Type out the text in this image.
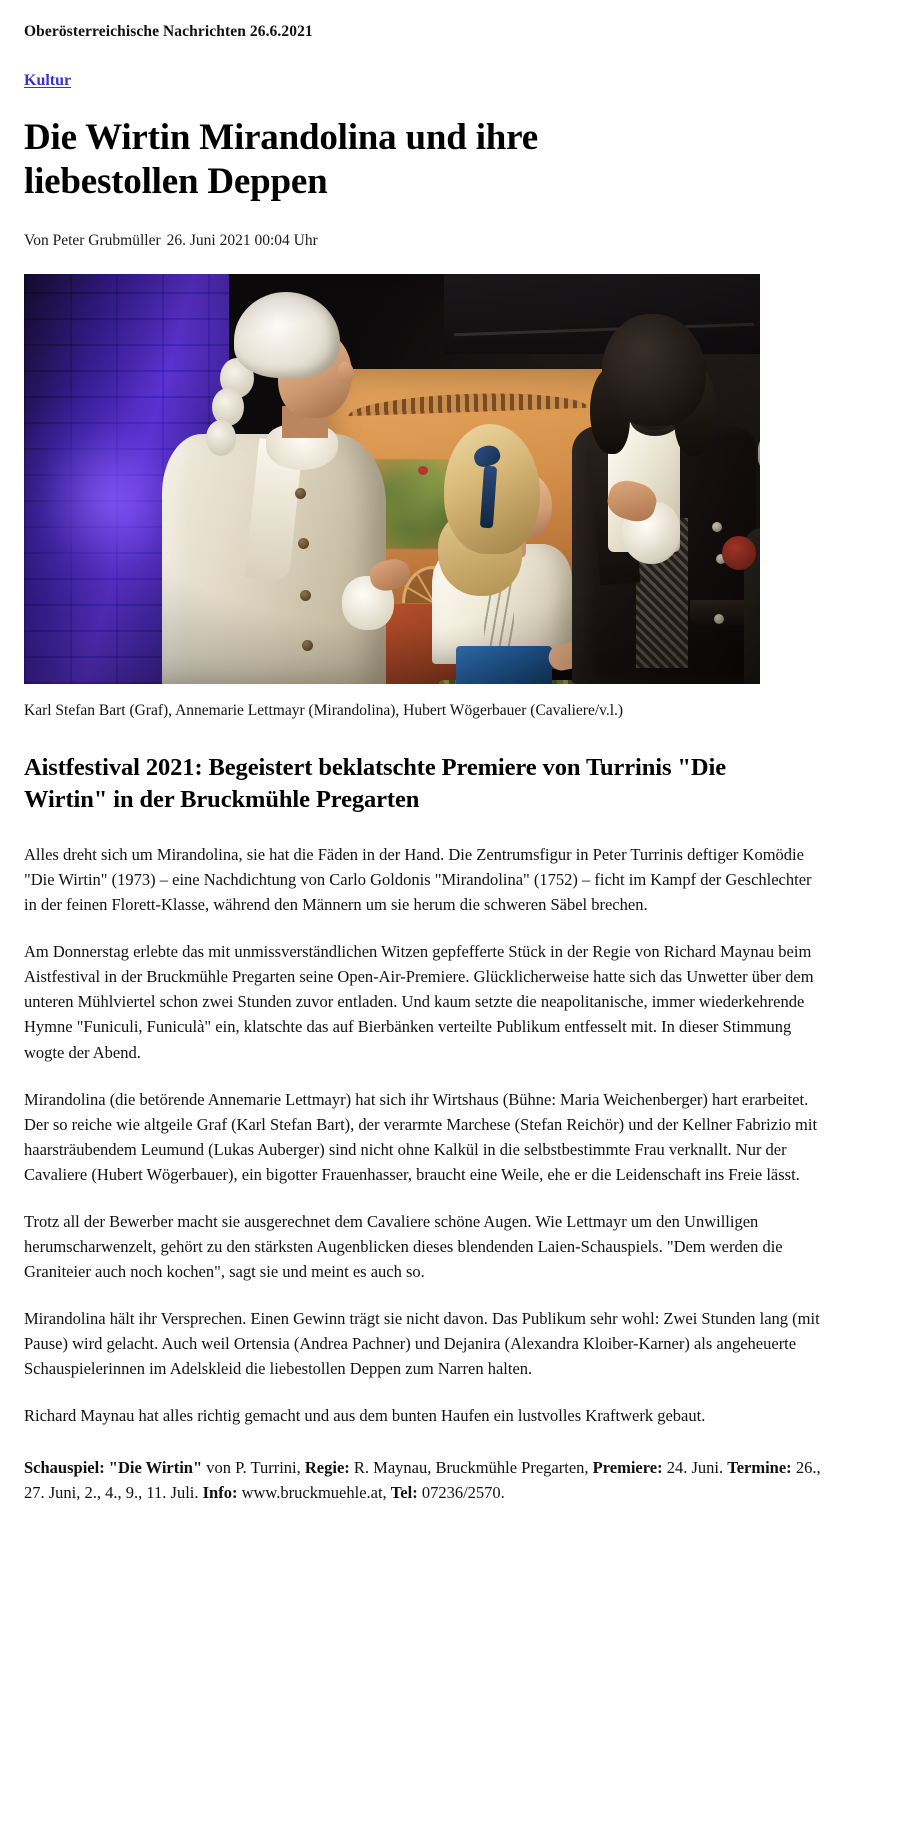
Oberösterreichische Nachrichten 26.6.2021
Kultur
Die Wirtin Mirandolina und ihre liebestollen Deppen
Von Peter Grubmüller 26. Juni 2021 00:04 Uhr
Karl Stefan Bart (Graf), Annemarie Lettmayr (Mirandolina), Hubert Wögerbauer (Cavaliere/v.l.)
Aistfestival 2021: Begeistert beklatschte Premiere von Turrinis "Die Wirtin" in der Bruckmühle Pregarten

Alles dreht sich um Mirandolina, sie hat die Fäden in der Hand. Die Zentrumsfigur in Peter Turrinis deftiger Komödie "Die Wirtin" (1973) – eine Nachdichtung von Carlo Goldonis "Mirandolina" (1752) – ficht im Kampf der Geschlechter in der feinen Florett-Klasse, während den Männern um sie herum die schweren Säbel brechen.

Am Donnerstag erlebte das mit unmissverständlichen Witzen gepfefferte Stück in der Regie von Richard Maynau beim Aistfestival in der Bruckmühle Pregarten seine Open-Air-Premiere. Glücklicherweise hatte sich das Unwetter über dem unteren Mühlviertel schon zwei Stunden zuvor entladen. Und kaum setzte die neapolitanische, immer wiederkehrende Hymne "Funiculi, Funiculà" ein, klatschte das auf Bierbänken verteilte Publikum entfesselt mit. In dieser Stimmung wogte der Abend.

Mirandolina (die betörende Annemarie Lettmayr) hat sich ihr Wirtshaus (Bühne: Maria Weichenberger) hart erarbeitet. Der so reiche wie altgeile Graf (Karl Stefan Bart), der verarmte Marchese (Stefan Reichör) und der Kellner Fabrizio mit haarsträubendem Leumund (Lukas Auberger) sind nicht ohne Kalkül in die selbstbestimmte Frau verknallt. Nur der Cavaliere (Hubert Wögerbauer), ein bigotter Frauenhasser, braucht eine Weile, ehe er die Leidenschaft ins Freie lässt.

Trotz all der Bewerber macht sie ausgerechnet dem Cavaliere schöne Augen. Wie Lettmayr um den Unwilligen herumscharwenzelt, gehört zu den stärksten Augenblicken dieses blendenden Laien-Schauspiels. "Dem werden die Graniteier auch noch kochen", sagt sie und meint es auch so.

Mirandolina hält ihr Versprechen. Einen Gewinn trägt sie nicht davon. Das Publikum sehr wohl: Zwei Stunden lang (mit Pause) wird gelacht. Auch weil Ortensia (Andrea Pachner) und Dejanira (Alexandra Kloiber-Karner) als angeheuerte Schauspielerinnen im Adelskleid die liebestollen Deppen zum Narren halten.

Richard Maynau hat alles richtig gemacht und aus dem bunten Haufen ein lustvolles Kraftwerk gebaut.

Schauspiel: "Die Wirtin" von P. Turrini, Regie: R. Maynau, Bruckmühle Pregarten, Premiere: 24. Juni. Termine: 26., 27. Juni, 2., 4., 9., 11. Juli. Info: www.bruckmuehle.at, Tel: 07236/2570.
